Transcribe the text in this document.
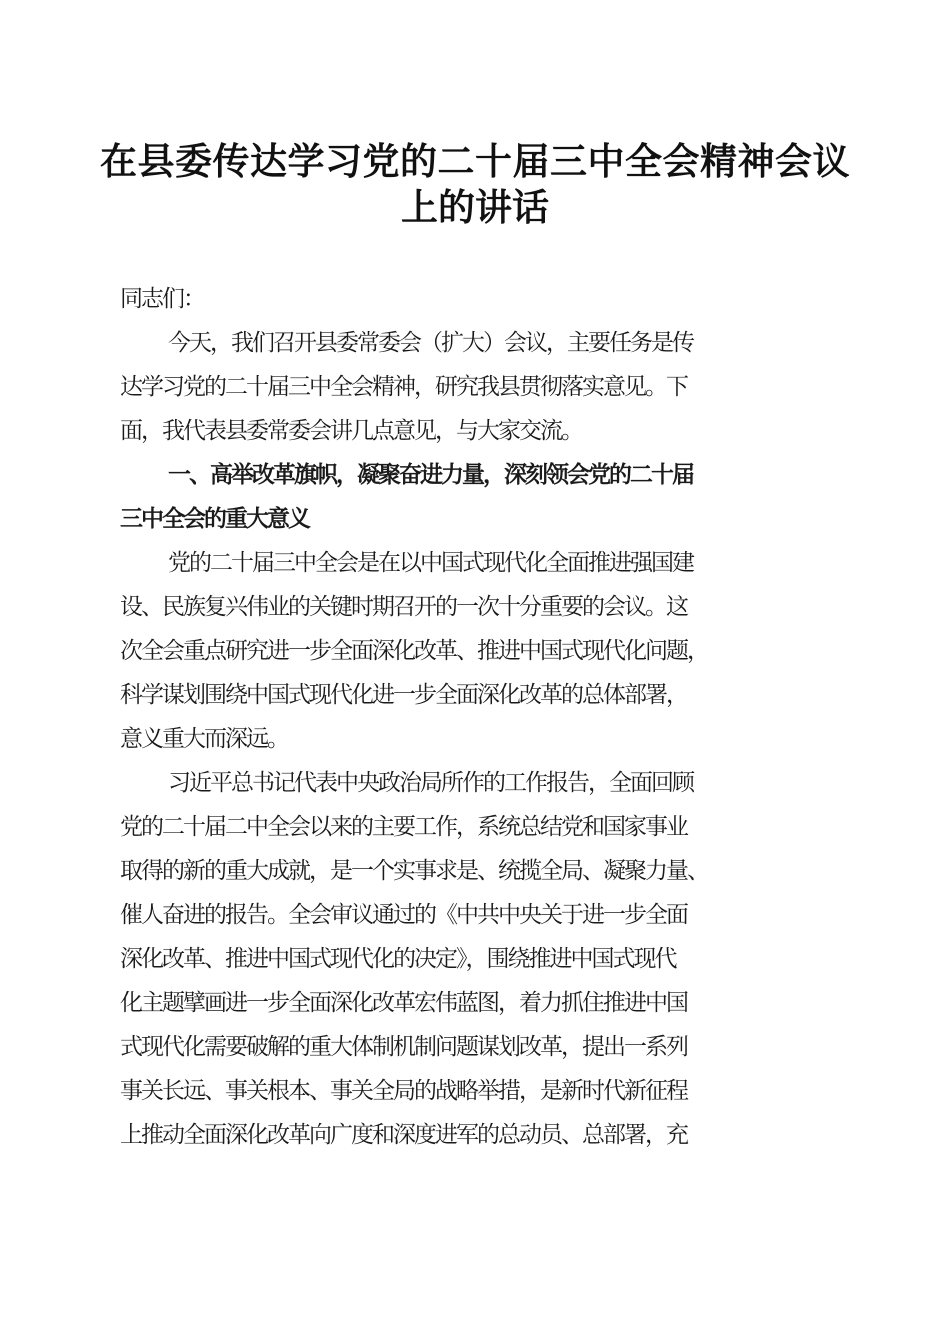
在县委传达学习党的二十届三中全会精神会议
上的讲话

同志们：

今天，我们召开县委常委会（扩大）会议，主要任务是传

达学习党的二十届三中全会精神，研究我县贯彻落实意见。下

面，我代表县委常委会讲几点意见，与大家交流。

一、高举改革旗帜，凝聚奋进力量，深刻领会党的二十届

三中全会的重大意义

党的二十届三中全会是在以中国式现代化全面推进强国建

设、民族复兴伟业的关键时期召开的一次十分重要的会议。这

次全会重点研究进一步全面深化改革、推进中国式现代化问题，

科学谋划围绕中国式现代化进一步全面深化改革的总体部署，

意义重大而深远。

习近平总书记代表中央政治局所作的工作报告，全面回顾

党的二十届二中全会以来的主要工作，系统总结党和国家事业

取得的新的重大成就，是一个实事求是、统揽全局、凝聚力量、

催人奋进的报告。全会审议通过的《中共中央关于进一步全面

深化改革、推进中国式现代化的决定》，围绕推进中国式现代

化主题擘画进一步全面深化改革宏伟蓝图，着力抓住推进中国

式现代化需要破解的重大体制机制问题谋划改革，提出一系列

事关长远、事关根本、事关全局的战略举措，是新时代新征程

上推动全面深化改革向广度和深度进军的总动员、总部署，充
